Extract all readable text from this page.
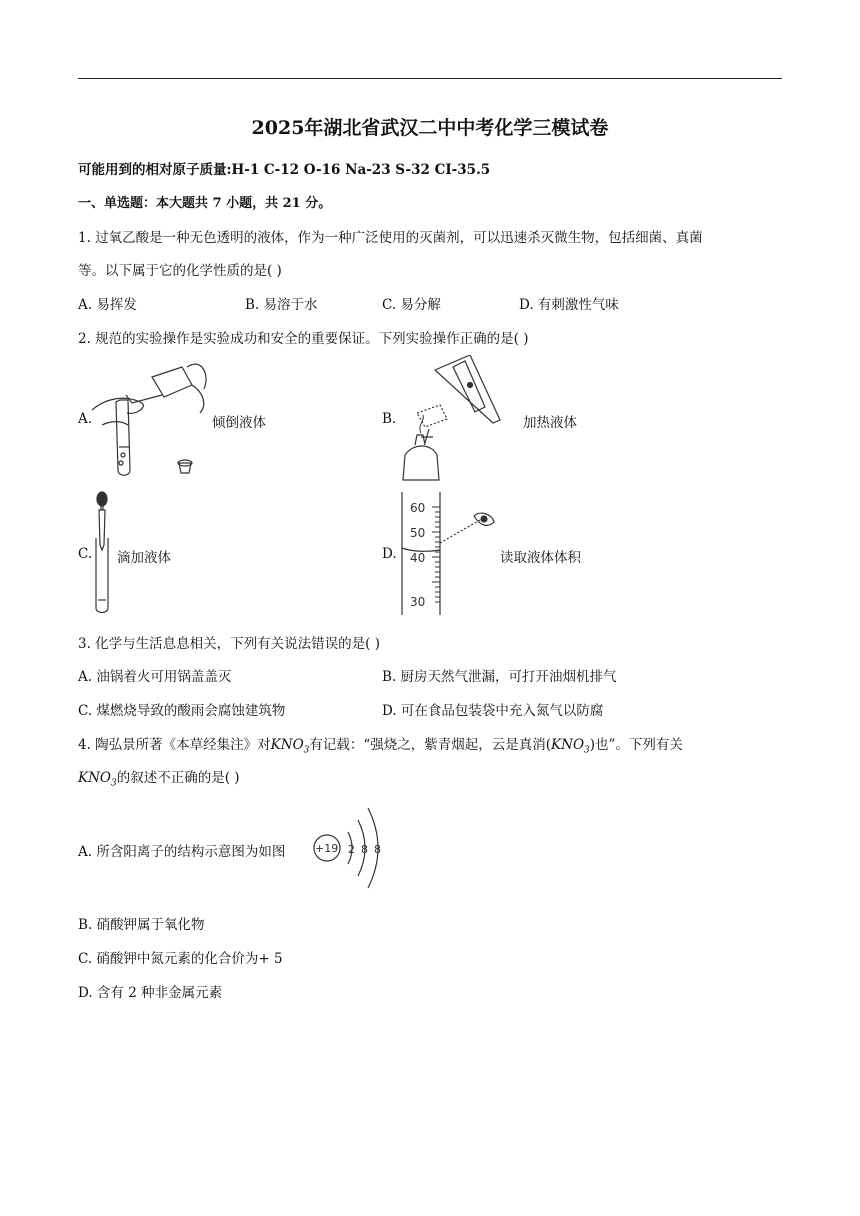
2025年湖北省武汉二中中考化学三模试卷
可能用到的相对原子质量:H-1 C-12 O-16 Na-23 S-32 CI-35.5
一、单选题：本大题共 7 小题，共 21 分。
1. 过氧乙酸是一种无色透明的液体，作为一种广泛使用的灭菌剂，可以迅速杀灭微生物，包括细菌、真菌
等。以下属于它的化学性质的是( )
A. 易挥发	B. 易溶于水	C. 易分解	D. 有刺激性气味
2. 规范的实验操作是实验成功和安全的重要保证。下列实验操作正确的是( )
A.	倾倒液体	B.	加热液体
C. 滴加液体	D.
60
50
40
30
读取液体体积
3. 化学与生活息息相关，下列有关说法错误的是( )
A. 油锅着火可用锅盖盖灭	B. 厨房天然气泄漏，可打开油烟机排气
C. 煤燃烧导致的酸雨会腐蚀建筑物	D. 可在食品包装袋中充入氮气以防腐
4. 陶弘景所著《本草经集注》对$KNO_3$有记载：“强烧之，紫青烟起，云是真消$(KNO_3)$也”。下列有关
$KNO_3$的叙述不正确的是( )
A. 所含阳离子的结构示意图为如图	+19 2 8 8
B. 硝酸钾属于氧化物
C. 硝酸钾中氮元素的化合价为+ 5
D. 含有 2 种非金属元素
